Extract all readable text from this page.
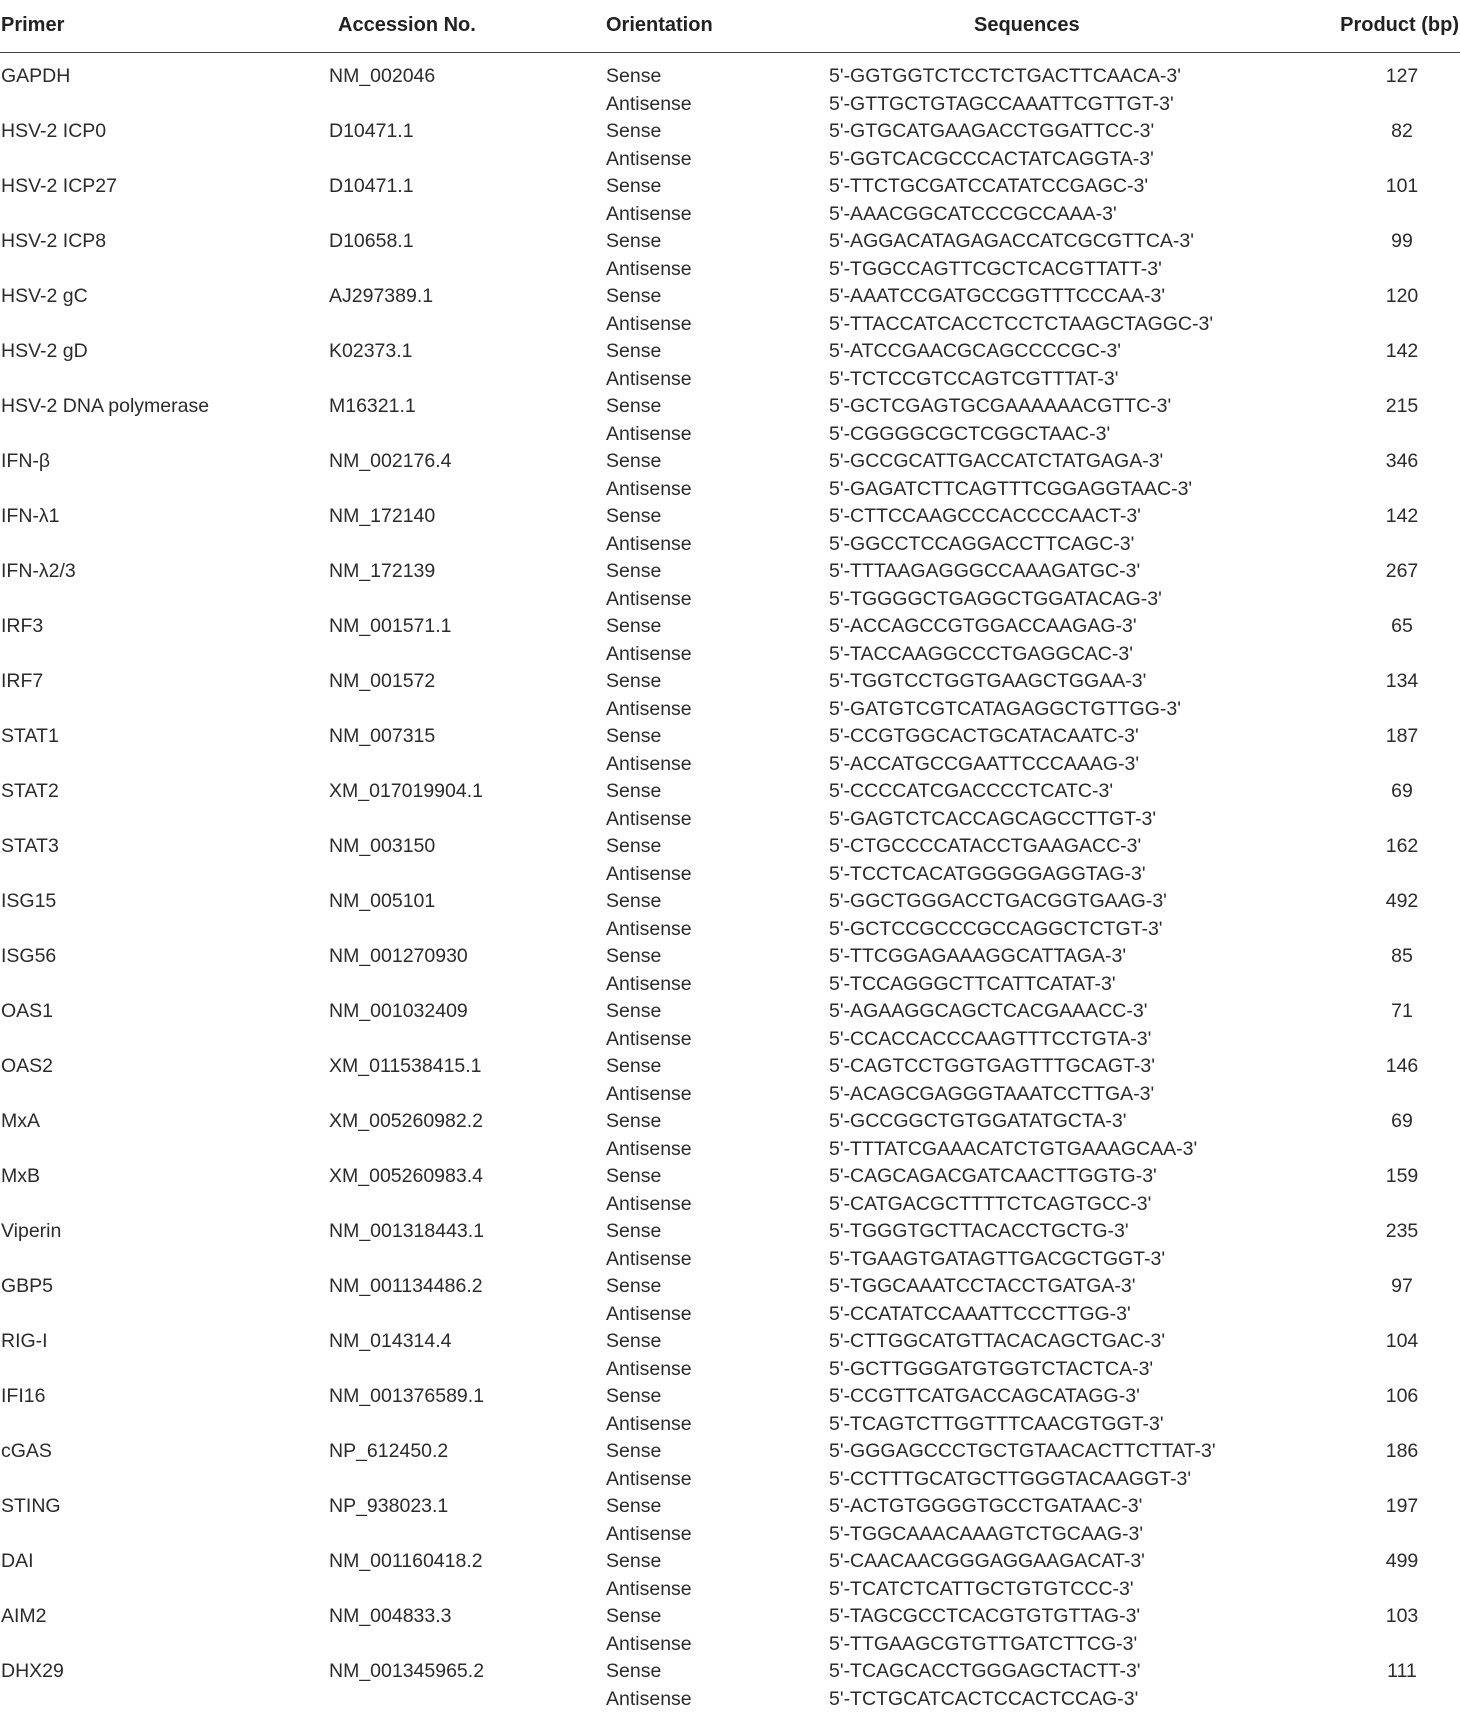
Primer	Accession No.	Orientation	Sequences	Product (bp)
GAPDH	NM_002046	Sense	5'-GGTGGTCTCCTCTGACTTCAACA-3'	127
Antisense	5'-GTTGCTGTAGCCAAATTCGTTGT-3'
HSV-2 ICP0	D10471.1	Sense	5'-GTGCATGAAGACCTGGATTCC-3'	82
Antisense	5'-GGTCACGCCCACTATCAGGTA-3'
HSV-2 ICP27	D10471.1	Sense	5'-TTCTGCGATCCATATCCGAGC-3'	101
Antisense	5'-AAACGGCATCCCGCCAAA-3'
HSV-2 ICP8	D10658.1	Sense	5'-AGGACATAGAGACCATCGCGTTCA-3'	99
Antisense	5'-TGGCCAGTTCGCTCACGTTATT-3'
HSV-2 gC	AJ297389.1	Sense	5'-AAATCCGATGCCGGTTTCCCAA-3'	120
Antisense	5'-TTACCATCACCTCCTCTAAGCTAGGC-3'
HSV-2 gD	K02373.1	Sense	5'-ATCCGAACGCAGCCCCGC-3'	142
Antisense	5'-TCTCCGTCCAGTCGTTTAT-3'
HSV-2 DNA polymerase	M16321.1	Sense	5'-GCTCGAGTGCGAAAAAACGTTC-3'	215
Antisense	5'-CGGGGCGCTCGGCTAAC-3'
IFN-β	NM_002176.4	Sense	5'-GCCGCATTGACCATCTATGAGA-3'	346
Antisense	5'-GAGATCTTCAGTTTCGGAGGTAAC-3'
IFN-λ1	NM_172140	Sense	5'-CTTCCAAGCCCACCCCAACT-3'	142
Antisense	5'-GGCCTCCAGGACCTTCAGC-3'
IFN-λ2/3	NM_172139	Sense	5'-TTTAAGAGGGCCAAAGATGC-3'	267
Antisense	5'-TGGGGCTGAGGCTGGATACAG-3'
IRF3	NM_001571.1	Sense	5'-ACCAGCCGTGGACCAAGAG-3'	65
Antisense	5'-TACCAAGGCCCTGAGGCAC-3'
IRF7	NM_001572	Sense	5'-TGGTCCTGGTGAAGCTGGAA-3'	134
Antisense	5'-GATGTCGTCATAGAGGCTGTTGG-3'
STAT1	NM_007315	Sense	5'-CCGTGGCACTGCATACAATC-3'	187
Antisense	5'-ACCATGCCGAATTCCCAAAG-3'
STAT2	XM_017019904.1	Sense	5'-CCCCATCGACCCCTCATC-3'	69
Antisense	5'-GAGTCTCACCAGCAGCCTTGT-3'
STAT3	NM_003150	Sense	5'-CTGCCCCATACCTGAAGACC-3'	162
Antisense	5'-TCCTCACATGGGGGAGGTAG-3'
ISG15	NM_005101	Sense	5'-GGCTGGGACCTGACGGTGAAG-3'	492
Antisense	5'-GCTCCGCCCGCCAGGCTCTGT-3'
ISG56	NM_001270930	Sense	5'-TTCGGAGAAAGGCATTAGA-3'	85
Antisense	5'-TCCAGGGCTTCATTCATAT-3'
OAS1	NM_001032409	Sense	5'-AGAAGGCAGCTCACGAAACC-3'	71
Antisense	5'-CCACCACCCAAGTTTCCTGTA-3'
OAS2	XM_011538415.1	Sense	5'-CAGTCCTGGTGAGTTTGCAGT-3'	146
Antisense	5'-ACAGCGAGGGTAAATCCTTGA-3'
MxA	XM_005260982.2	Sense	5'-GCCGGCTGTGGATATGCTA-3'	69
Antisense	5'-TTTATCGAAACATCTGTGAAAGCAA-3'
MxB	XM_005260983.4	Sense	5'-CAGCAGACGATCAACTTGGTG-3'	159
Antisense	5'-CATGACGCTTTTCTCAGTGCC-3'
Viperin	NM_001318443.1	Sense	5'-TGGGTGCTTACACCTGCTG-3'	235
Antisense	5'-TGAAGTGATAGTTGACGCTGGT-3'
GBP5	NM_001134486.2	Sense	5'-TGGCAAATCCTACCTGATGA-3'	97
Antisense	5'-CCATATCCAAATTCCCTTGG-3'
RIG-I	NM_014314.4	Sense	5'-CTTGGCATGTTACACAGCTGAC-3'	104
Antisense	5'-GCTTGGGATGTGGTCTACTCA-3'
IFI16	NM_001376589.1	Sense	5'-CCGTTCATGACCAGCATAGG-3'	106
Antisense	5'-TCAGTCTTGGTTTCAACGTGGT-3'
cGAS	NP_612450.2	Sense	5'-GGGAGCCCTGCTGTAACACTTCTTAT-3'	186
Antisense	5'-CCTTTGCATGCTTGGGTACAAGGT-3'
STING	NP_938023.1	Sense	5'-ACTGTGGGGTGCCTGATAAC-3'	197
Antisense	5'-TGGCAAACAAAGTCTGCAAG-3'
DAI	NM_001160418.2	Sense	5'-CAACAACGGGAGGAAGACAT-3'	499
Antisense	5'-TCATCTCATTGCTGTGTCCC-3'
AIM2	NM_004833.3	Sense	5'-TAGCGCCTCACGTGTGTTAG-3'	103
Antisense	5'-TTGAAGCGTGTTGATCTTCG-3'
DHX29	NM_001345965.2	Sense	5'-TCAGCACCTGGGAGCTACTT-3'	111
Antisense	5'-TCTGCATCACTCCACTCCAG-3'
